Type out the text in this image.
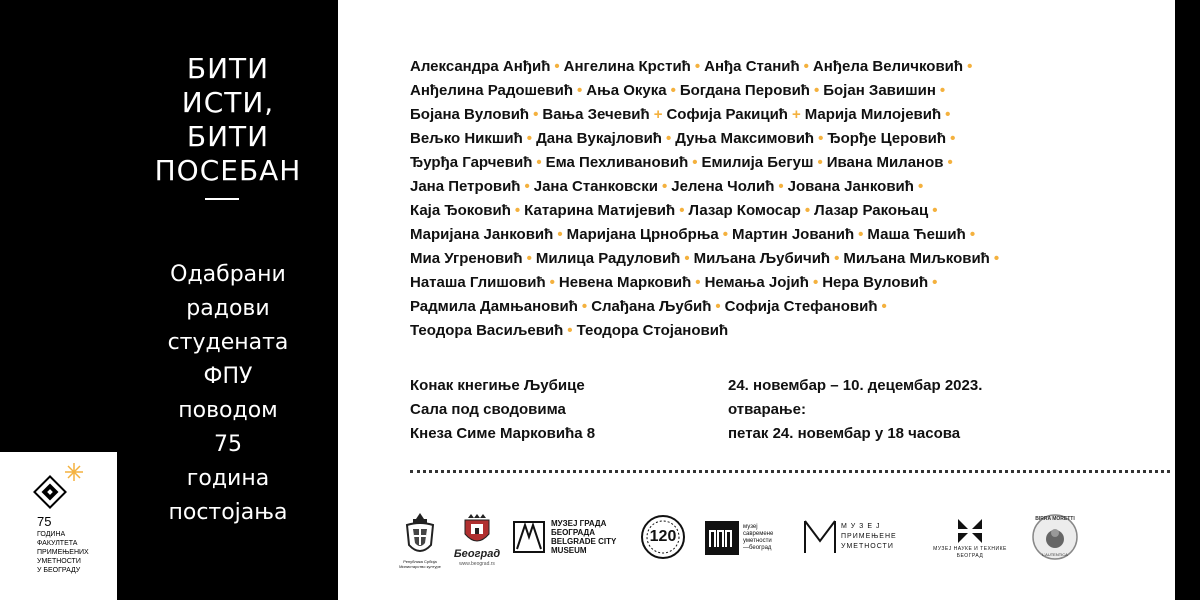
БИТИ
ИСТИ,
БИТИ
ПОСЕБАН
Одабрани
радови
студената
ФПУ
поводом
75
година
постојања
75
ГОДИНА
ФАКУЛТЕТА
ПРИМЕЊЕНИХ
УМЕТНОСТИ
У БЕОГРАДУ
Александра Анђић • Ангелина Крстић • Анђа Станић • Анђела Величковић •
Анђелина Радошевић • Ања Окука • Богдана Перовић • Бојан Завишин •
Бојана Вуловић • Вања Зечевић + Софија Ракицић + Марија Милојевић •
Вељко Никшић • Дана Вукајловић • Дуња Максимовић • Ђорђе Церовић •
Ђурђа Гарчевић • Ема Пехливановић • Емилија Бегуш • Ивана Миланов •
Јана Петровић • Јана Станковски • Јелена Чолић • Јована Јанковић •
Каја Ђоковић • Катарина Матијевић • Лазар Комосар • Лазар Ракоњац •
Маријана Јанковић • Маријана Црнобрња • Мартин Јованић • Маша Ћешић •
Миа Угреновић • Милица Радуловић • Миљана Љубичић • Миљана Миљковић •
Наташа Глишовић • Невена Марковић • Немања Јојић • Нера Вуловић •
Радмила Дамњановић • Слађана Љубић • Софија Стефановић •
Теодора Васиљевић • Теодора Стојановић
Конак кнегиње Љубице
Сала под сводовима
Кнеза Симе Марковића 8
24. новембар – 10. децембар 2023.
отварање:
петак 24. новембар у 18 часова
Република Србија Министарство културе
Београд
www.beograd.rs
МУЗЕЈ ГРАДА
БЕОГРАДА
BELGRADE CITY
MUSEUM
120
музеј
савремене
уметности
—београд
М У З Е Ј
ПРИМЕЊЕНЕ
УМЕТНОСТИ	МУЗЕЈ НАУКЕ И ТЕХНИКЕ
БЕОГРАД
BIRRA MORETTI
L'AUTENTICA
